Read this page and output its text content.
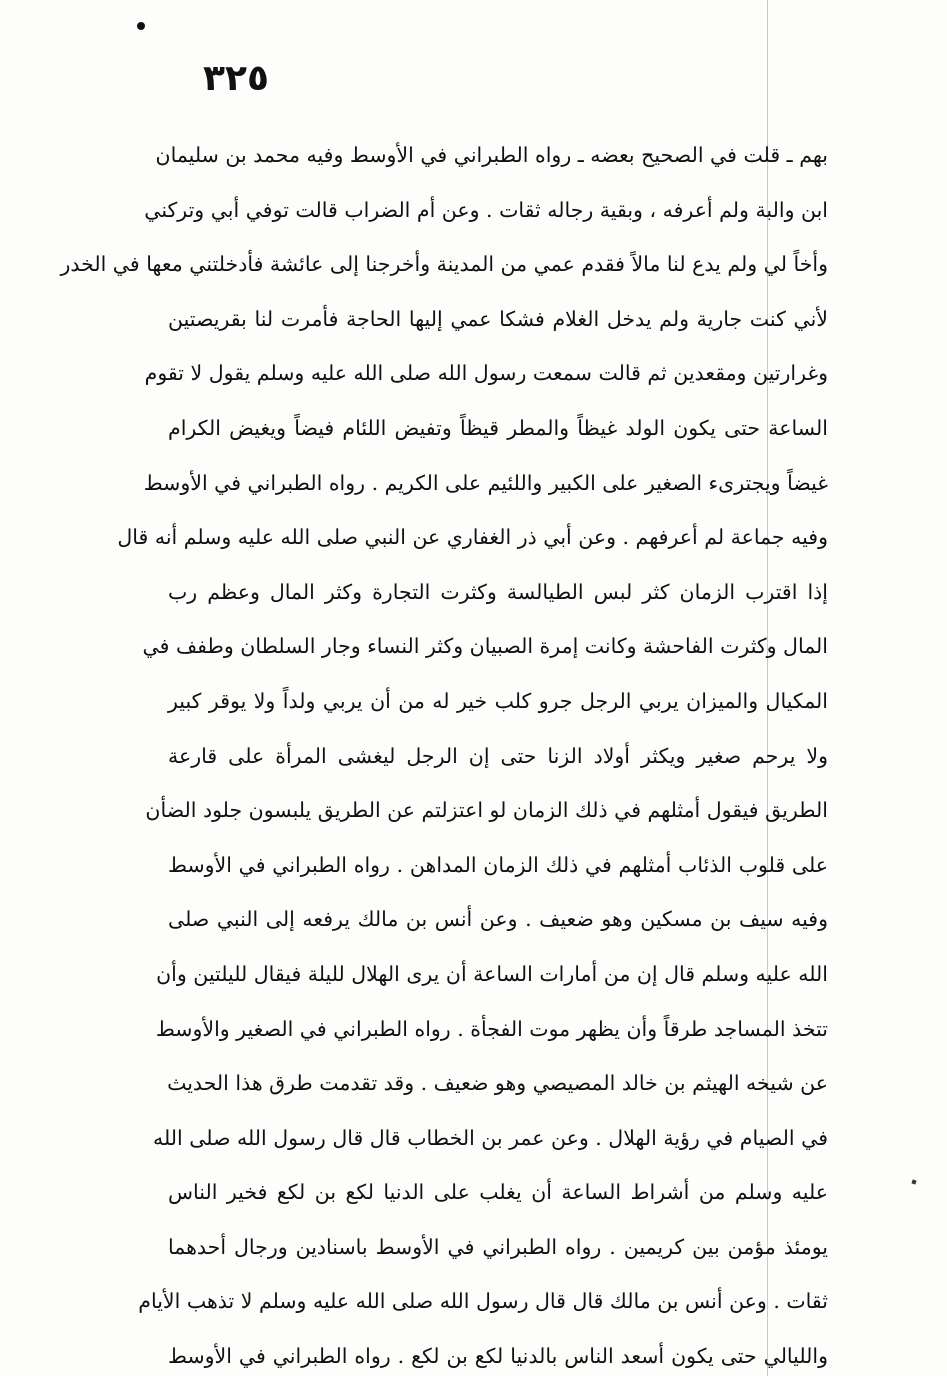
٣٢٥
بهم ـ قلت في الصحيح بعضه ـ رواه الطبراني في الأوسط وفيه محمد بن سليمان
ابن والبة ولم أعرفه ، وبقية رجاله ثقات . وعن أم الضراب قالت توفي أبي وتركني
وأخاً لي ولم يدع لنا مالاً فقدم عمي من المدينة وأخرجنا إلى عائشة فأدخلتني معها في الخدر
لأني كنت جارية ولم يدخل الغلام فشكا عمي إليها الحاجة فأمرت لنا بقريصتين
وغرارتين ومقعدين ثم قالت سمعت رسول الله صلى الله عليه وسلم يقول لا تقوم
الساعة حتى يكون الولد غيظاً والمطر قيظاً وتفيض اللئام فيضاً ويغيض الكرام
غيضاً ويجترىء الصغير على الكبير واللئيم على الكريم . رواه الطبراني في الأوسط
وفيه جماعة لم أعرفهم . وعن أبي ذر الغفاري عن النبي صلى الله عليه وسلم أنه قال
إذا اقترب الزمان كثر لبس الطيالسة وكثرت التجارة وكثر المال وعظم رب
المال وكثرت الفاحشة وكانت إمرة الصبيان وكثر النساء وجار السلطان وطفف في
المكيال والميزان يربي الرجل جرو كلب خير له من أن يربي ولداً ولا يوقر كبير
ولا يرحم صغير ويكثر أولاد الزنا حتى إن الرجل ليغشى المرأة على قارعة
الطريق فيقول أمثلهم في ذلك الزمان لو اعتزلتم عن الطريق يلبسون جلود الضأن
على قلوب الذئاب أمثلهم في ذلك الزمان المداهن . رواه الطبراني في الأوسط
وفيه سيف بن مسكين وهو ضعيف . وعن أنس بن مالك يرفعه إلى النبي صلى
الله عليه وسلم قال إن من أمارات الساعة أن يرى الهلال لليلة فيقال لليلتين وأن
تتخذ المساجد طرقاً وأن يظهر موت الفجأة . رواه الطبراني في الصغير والأوسط
عن شيخه الهيثم بن خالد المصيصي وهو ضعيف . وقد تقدمت طرق هذا الحديث
في الصيام في رؤية الهلال . وعن عمر بن الخطاب قال قال رسول الله صلى الله
عليه وسلم من أشراط الساعة أن يغلب على الدنيا لكع بن لكع فخير الناس
يومئذ مؤمن بين كريمين . رواه الطبراني في الأوسط باسنادين ورجال أحدهما
ثقات . وعن أنس بن مالك قال قال رسول الله صلى الله عليه وسلم لا تذهب الأيام
والليالي حتى يكون أسعد الناس بالدنيا لكع بن لكع . رواه الطبراني في الأوسط
